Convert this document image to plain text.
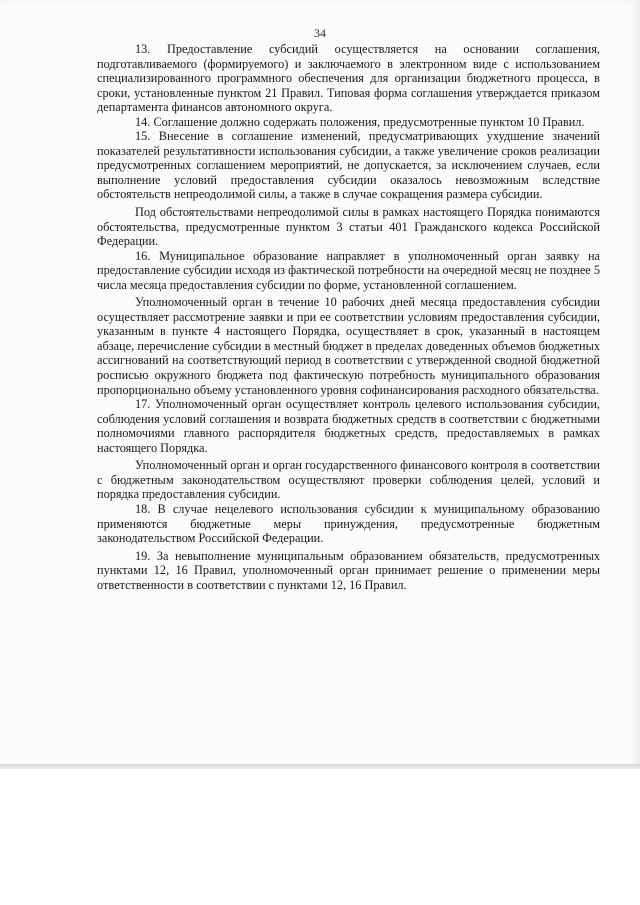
34

13. Предоставление субсидий осуществляется на основании соглашения, подготавливаемого (формируемого) и заключаемого в электронном виде с использованием специализированного программного обеспечения для организации бюджетного процесса, в сроки, установленные пунктом 21 Правил. Типовая форма соглашения утверждается приказом департамента финансов автономного округа.

14. Соглашение должно содержать положения, предусмотренные пунктом 10 Правил.

15. Внесение в соглашение изменений, предусматривающих ухудшение значений показателей результативности использования субсидии, а также увеличение сроков реализации предусмотренных соглашением мероприятий, не допускается, за исключением случаев, если выполнение условий предоставления субсидии оказалось невозможным вследствие обстоятельств непреодолимой силы, а также в случае сокращения размера субсидии.

Под обстоятельствами непреодолимой силы в рамках настоящего Порядка понимаются обстоятельства, предусмотренные пунктом 3 статьи 401 Гражданского кодекса Российской Федерации.

16. Муниципальное образование направляет в уполномоченный орган заявку на предоставление субсидии исходя из фактической потребности на очередной месяц не позднее 5 числа месяца предоставления субсидии по форме, установленной соглашением.

Уполномоченный орган в течение 10 рабочих дней месяца предоставления субсидии осуществляет рассмотрение заявки и при ее соответствии условиям предоставления субсидии, указанным в пункте 4 настоящего Порядка, осуществляет в срок, указанный в настоящем абзаце, перечисление субсидии в местный бюджет в пределах доведенных объемов бюджетных ассигнований на соответствующий период в соответствии с утвержденной сводной бюджетной росписью окружного бюджета под фактическую потребность муниципального образования пропорционально объему установленного уровня софинансирования расходного обязательства.

17. Уполномоченный орган осуществляет контроль целевого использования субсидии, соблюдения условий соглашения и возврата бюджетных средств в соответствии с бюджетными полномочиями главного распорядителя бюджетных средств, предоставляемых в рамках настоящего Порядка.

Уполномоченный орган и орган государственного финансового контроля в соответствии с бюджетным законодательством осуществляют проверки соблюдения целей, условий и порядка предоставления субсидии.

18. В случае нецелевого использования субсидии к муниципальному образованию применяются бюджетные меры принуждения, предусмотренные бюджетным законодательством Российской Федерации.

19. За невыполнение муниципальным образованием обязательств, предусмотренных пунктами 12, 16 Правил, уполномоченный орган принимает решение о применении меры ответственности в соответствии с пунктами 12, 16 Правил.
